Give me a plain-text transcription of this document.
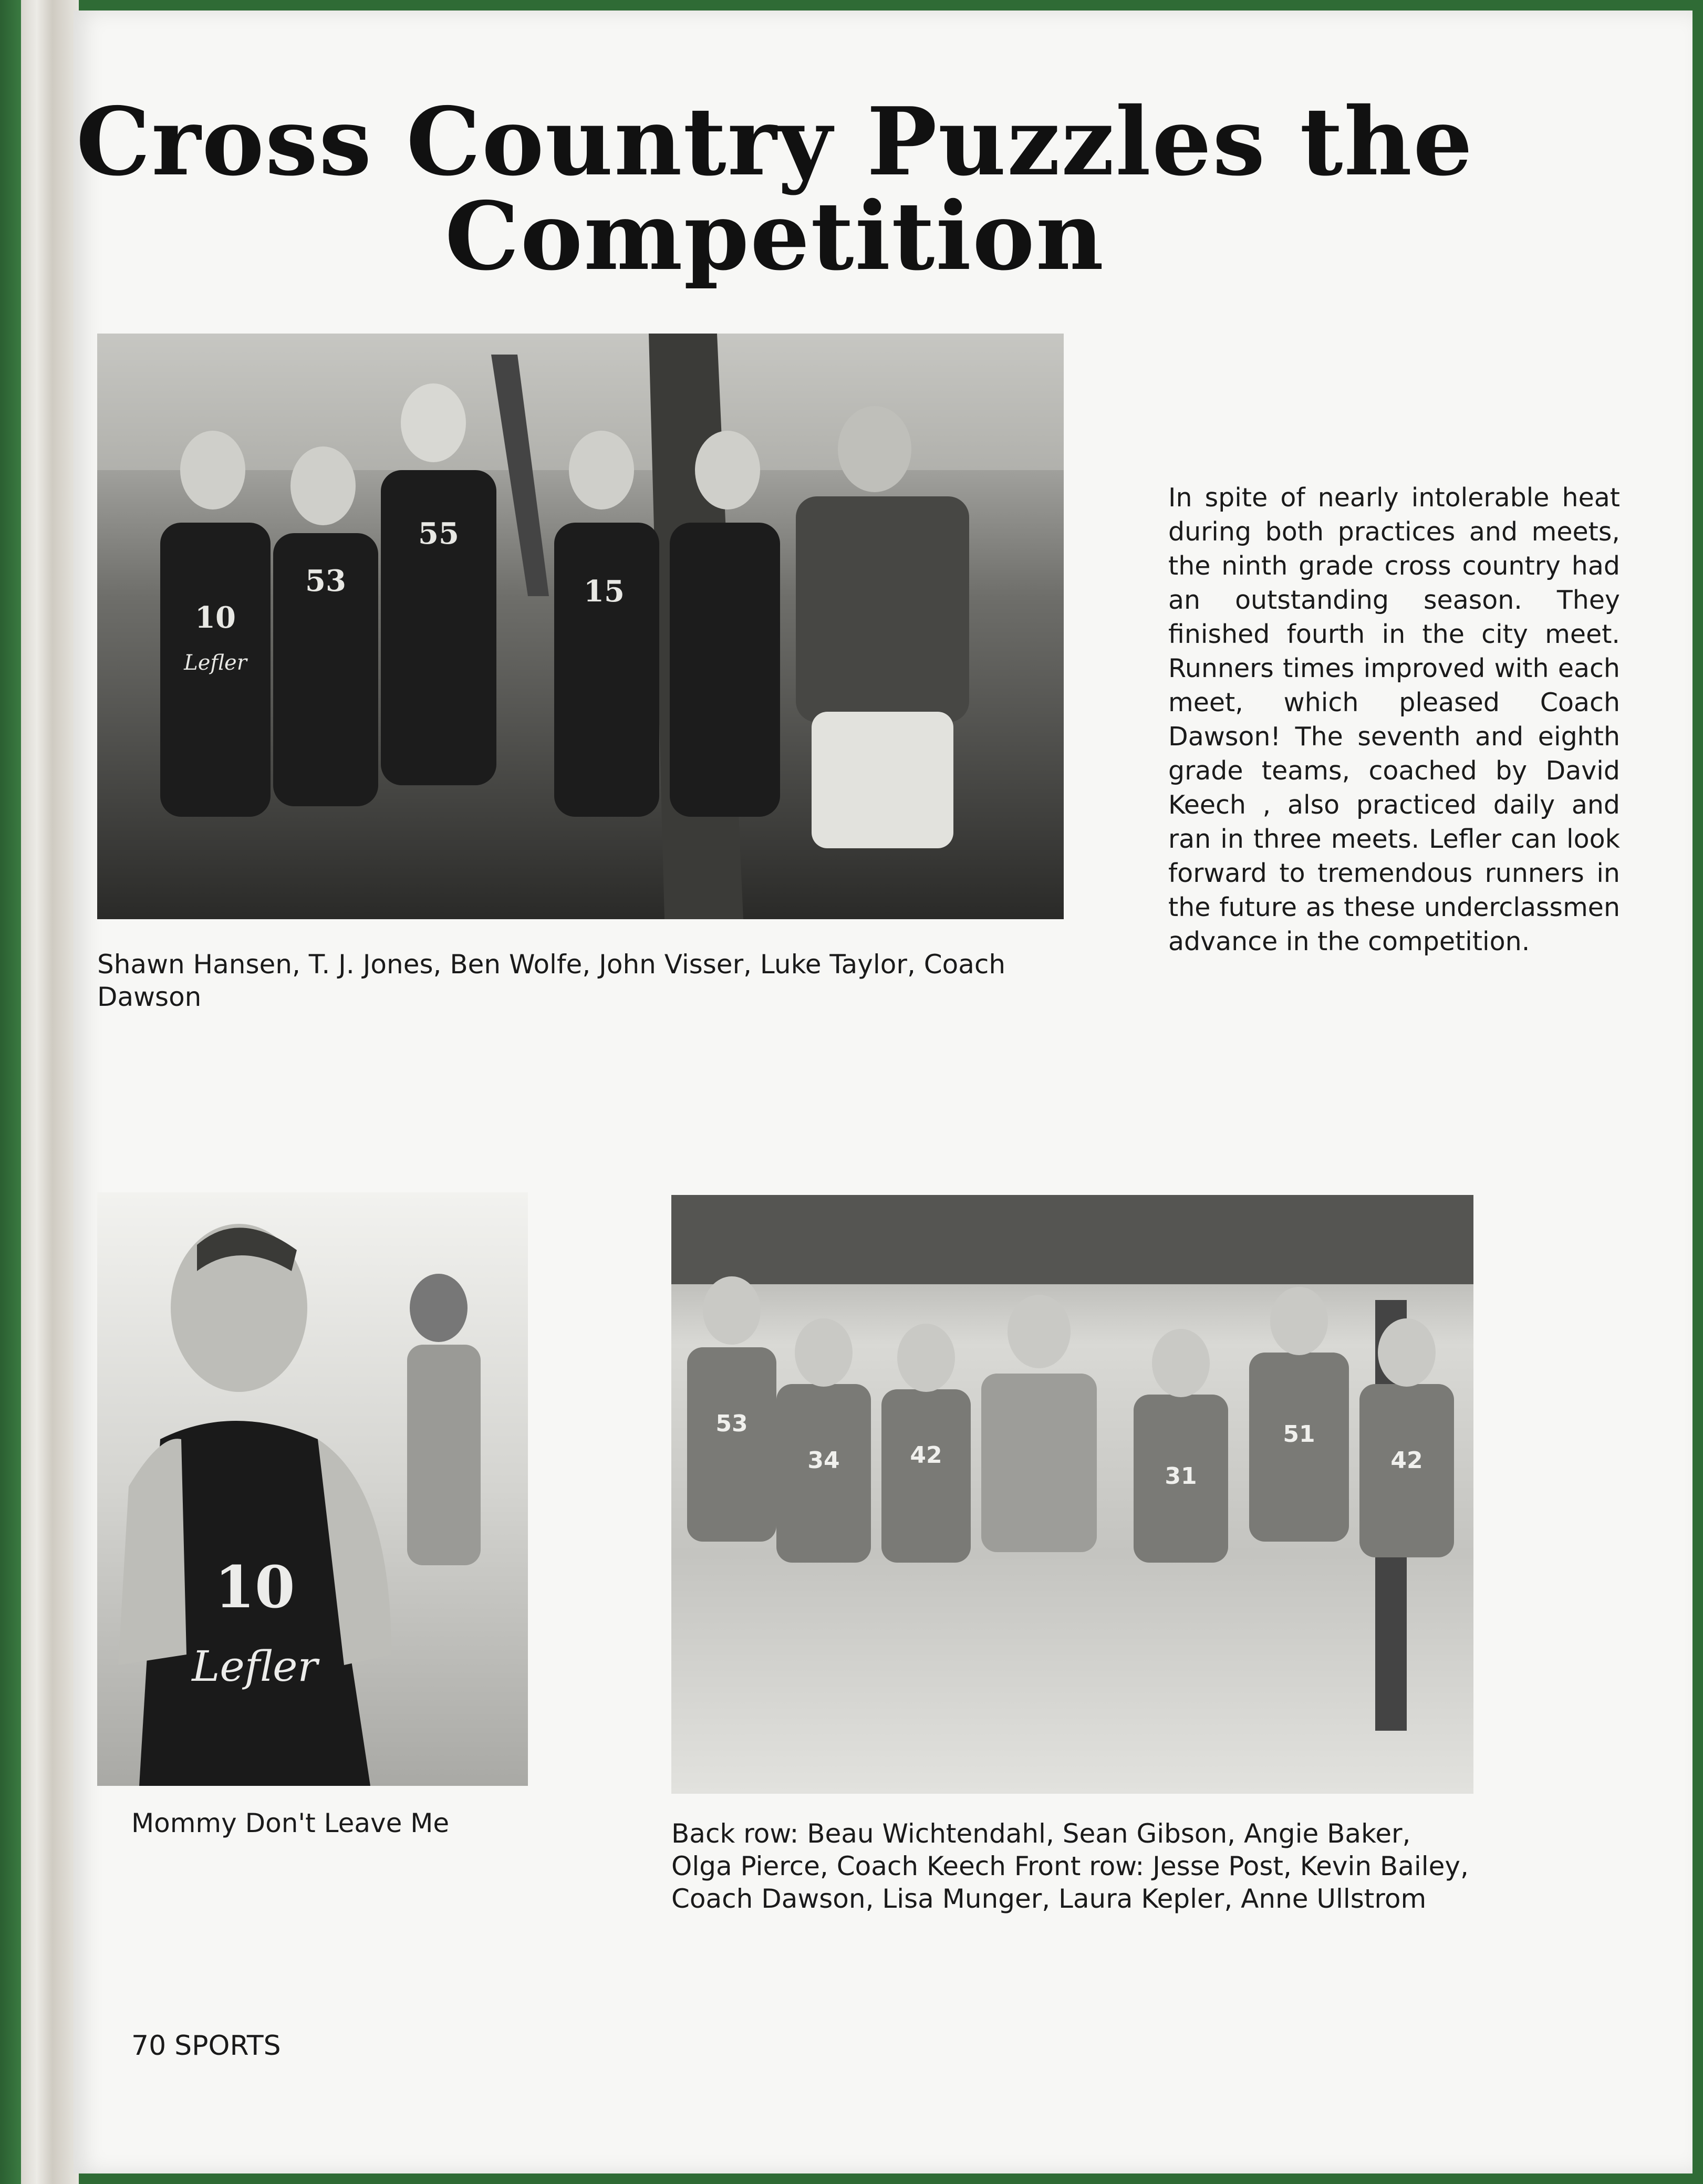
Cross Country Puzzles the Competition
10
53
55
15
Lefler
Shawn Hansen, T. J. Jones, Ben Wolfe, John Visser, Luke Taylor, Coach Dawson
In spite of nearly intolerable heat during both practices and meets, the ninth grade cross country had an outstanding season. They finished fourth in the city meet. Runners times improved with each meet, which pleased Coach Dawson! The seventh and eighth grade teams, coached by David Keech , also practiced daily and ran in three meets. Lefler can look forward to tremendous runners in the future as these underclassmen advance in the competition.
10
Lefler
Mommy Don't Leave Me
53
34	42
31
51
42
Back row: Beau Wichtendahl, Sean Gibson, Angie Baker, Olga Pierce, Coach Keech Front row: Jesse Post, Kevin Bailey, Coach Dawson, Lisa Munger, Laura Kepler, Anne Ullstrom
70 SPORTS
